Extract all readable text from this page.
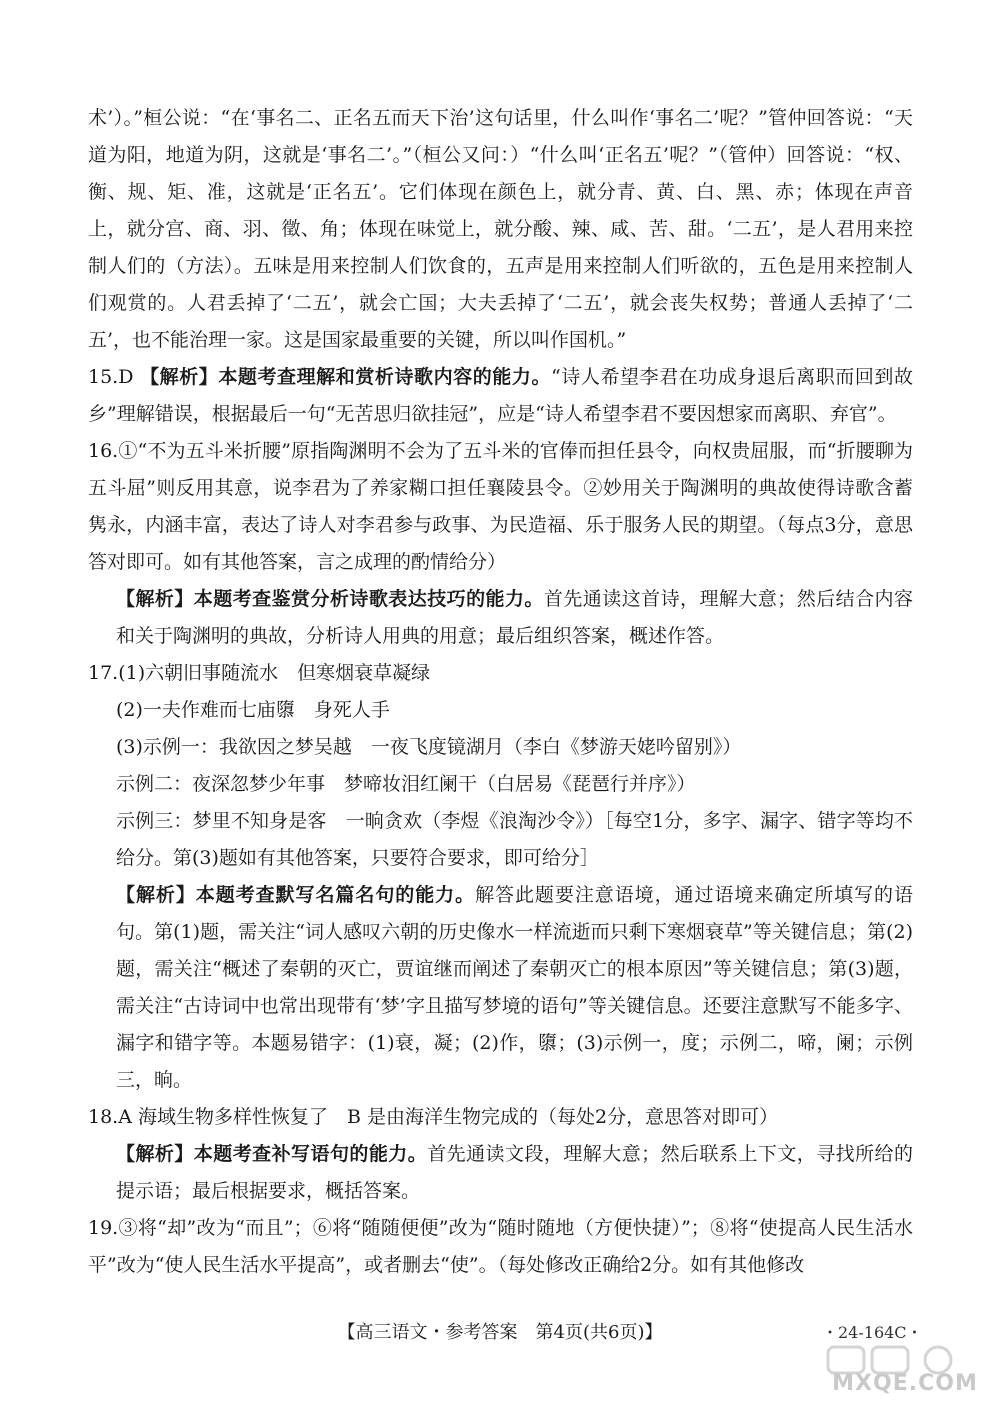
术’）。”桓公说：“在‘事名二、正名五而天下治’这句话里，什么叫作‘事名二’呢？”管仲回答说：“天道为阳，地道为阴，这就是‘事名二’。”（桓公又问：）“什么叫‘正名五’呢？”（管仲）回答说：“权、衡、规、矩、准，这就是‘正名五’。它们体现在颜色上，就分青、黄、白、黑、赤；体现在声音上，就分宫、商、羽、徵、角；体现在味觉上，就分酸、辣、咸、苦、甜。‘二五’，是人君用来控制人们的（方法）。五味是用来控制人们饮食的，五声是用来控制人们听欲的，五色是用来控制人们观赏的。人君丢掉了‘二五’，就会亡国；大夫丢掉了‘二五’，就会丧失权势；普通人丢掉了‘二五’，也不能治理一家。这是国家最重要的关键，所以叫作国机。”

15.D 【解析】本题考查理解和赏析诗歌内容的能力。“诗人希望李君在功成身退后离职而回到故乡”理解错误，根据最后一句“无苦思归欲挂冠”，应是“诗人希望李君不要因想家而离职、弃官”。

16.①“不为五斗米折腰”原指陶渊明不会为了五斗米的官俸而担任县令，向权贵屈服，而“折腰聊为五斗屈”则反用其意，说李君为了养家糊口担任襄陵县令。②妙用关于陶渊明的典故使得诗歌含蓄隽永，内涵丰富，表达了诗人对李君参与政事、为民造福、乐于服务人民的期望。（每点3分，意思答对即可。如有其他答案，言之成理的酌情给分）

【解析】本题考查鉴赏分析诗歌表达技巧的能力。首先通读这首诗，理解大意；然后结合内容和关于陶渊明的典故，分析诗人用典的用意；最后组织答案，概述作答。

17.(1)六朝旧事随流水　但寒烟衰草凝绿

(2)一夫作难而七庙隳　身死人手

(3)示例一：我欲因之梦吴越　一夜飞度镜湖月（李白《梦游天姥吟留别》）

示例二：夜深忽梦少年事　梦啼妆泪红阑干（白居易《琵琶行并序》）

示例三：梦里不知身是客　一晌贪欢（李煜《浪淘沙令》）［每空1分，多字、漏字、错字等均不给分。第(3)题如有其他答案，只要符合要求，即可给分］

【解析】本题考查默写名篇名句的能力。解答此题要注意语境，通过语境来确定所填写的语句。第(1)题，需关注“词人感叹六朝的历史像水一样流逝而只剩下寒烟衰草”等关键信息；第(2)题，需关注“概述了秦朝的灭亡，贾谊继而阐述了秦朝灭亡的根本原因”等关键信息；第(3)题，需关注“古诗词中也常出现带有‘梦’字且描写梦境的语句”等关键信息。还要注意默写不能多字、漏字和错字等。本题易错字：(1)衰，凝；(2)作，隳；(3)示例一，度；示例二，啼，阑；示例三，晌。

18.A 海域生物多样性恢复了　B 是由海洋生物完成的（每处2分，意思答对即可）

【解析】本题考查补写语句的能力。首先通读文段，理解大意；然后联系上下文，寻找所给的提示语；最后根据要求，概括答案。

19.③将“却”改为“而且”；⑥将“随随便便”改为“随时随地（方便快捷）”；⑧将“使提高人民生活水平”改为“使人民生活水平提高”，或者删去“使”。（每处修改正确给2分。如有其他修改

【高三语文・参考答案　第4页(共6页)】	・24-164C・
MXQE.COM
